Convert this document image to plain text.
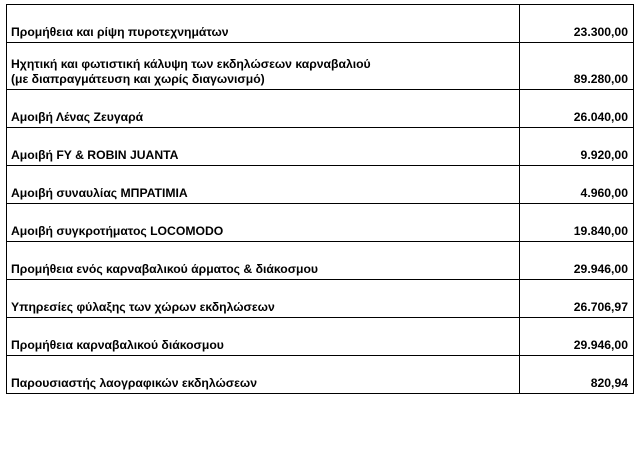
Προμήθεια και ρίψη πυροτεχνημάτων	23.300,00

Ηχητική και φωτιστική κάλυψη των εκδηλώσεων καρναβαλιού
(με διαπραγμάτευση και χωρίς διαγωνισμό)	89.280,00

Αμοιβή Λένας Ζευγαρά	26.040,00

Αμοιβή FY & ROBIN JUANTA	9.920,00

Αμοιβή συναυλίας ΜΠΡΑΤΙΜΙΑ	4.960,00

Αμοιβή συγκροτήματος LOCOMODO	19.840,00

Προμήθεια ενός καρναβαλικού άρματος & διάκοσμου	29.946,00

Υπηρεσίες φύλαξης των χώρων εκδηλώσεων	26.706,97

Προμήθεια καρναβαλικού διάκοσμου	29.946,00

Παρουσιαστής λαογραφικών εκδηλώσεων	820,94
